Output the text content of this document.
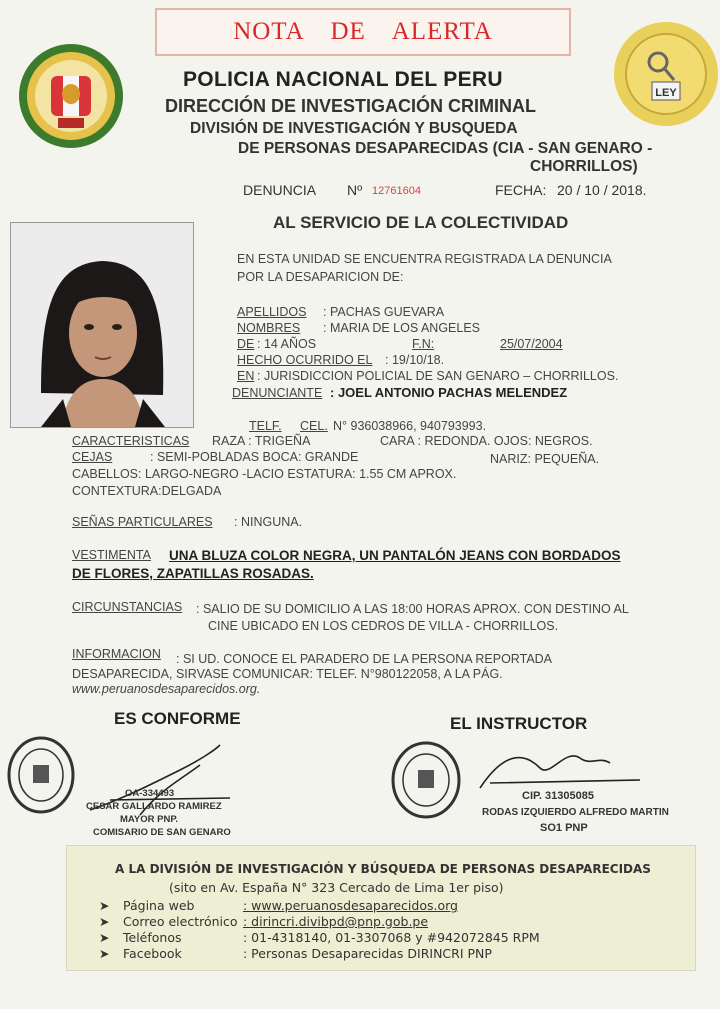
NOTA DE ALERTA
LEY
POLICIA NACIONAL DEL PERU
DIRECCIÓN DE INVESTIGACIÓN CRIMINAL
DIVISIÓN DE INVESTIGACIÓN Y BUSQUEDA
DE PERSONAS DESAPARECIDAS (CIA - SAN GENARO -
CHORRILLOS)
DENUNCIA Nº 12761604	FECHA: 20 / 10 / 2018.
AL SERVICIO DE LA COLECTIVIDAD
EN ESTA UNIDAD SE ENCUENTRA REGISTRADA LA DENUNCIA
POR LA DESAPARICION DE:
APELLIDOS : PACHAS GUEVARA
NOMBRES : MARIA DE LOS ANGELES
DE : 14 AÑOS	F.N:	25/07/2004
HECHO OCURRIDO EL : 19/10/18.
EN : JURISDICCION POLICIAL DE SAN GENARO – CHORRILLOS.
DENUNCIANTE : JOEL ANTONIO PACHAS MELENDEZ
TELF. CEL. N° 936038966, 940793993.
CARACTERISTICAS RAZA : TRIGEÑA	CARA : REDONDA. OJOS: NEGROS.
CEJAS	: SEMI-POBLADAS BOCA: GRANDE	NARIZ: PEQUEÑA.
CABELLOS: LARGO-NEGRO -LACIO ESTATURA: 1.55 CM APROX.
CONTEXTURA:DELGADA
SEÑAS PARTICULARES : NINGUNA.
VESTIMENTA UNA BLUZA COLOR NEGRA, UN PANTALÓN JEANS CON BORDADOS
DE FLORES, ZAPATILLAS ROSADAS.
CIRCUNSTANCIAS : SALIO DE SU DOMICILIO A LAS 18:00 HORAS APROX. CON DESTINO AL
CINE UBICADO EN LOS CEDROS DE VILLA - CHORRILLOS.
INFORMACION : SI UD. CONOCE EL PARADERO DE LA PERSONA REPORTADA
DESAPARECIDA, SIRVASE COMUNICAR: TELEF. N°980122058, A LA PÁG.
www.peruanosdesaparecidos.org.
ES CONFORME	EL INSTRUCTOR
OA-334493
CESAR GALLARDO RAMIREZ
MAYOR PNP.
COMISARIO DE SAN GENARO
CIP. 31305085
RODAS IZQUIERDO ALFREDO MARTIN
SO1 PNP
A LA DIVISIÓN DE INVESTIGACIÓN Y BÚSQUEDA DE PERSONAS DESAPARECIDAS
(sito en Av. España N° 323 Cercado de Lima 1er piso)
➤ Página web	: www.peruanosdesaparecidos.org
➤ Correo electrónico : dirincri.divibpd@pnp.gob.pe
➤ Teléfonos	: 01-4318140, 01-3307068 y #942072845 RPM
➤ Facebook	: Personas Desaparecidas DIRINCRI PNP
